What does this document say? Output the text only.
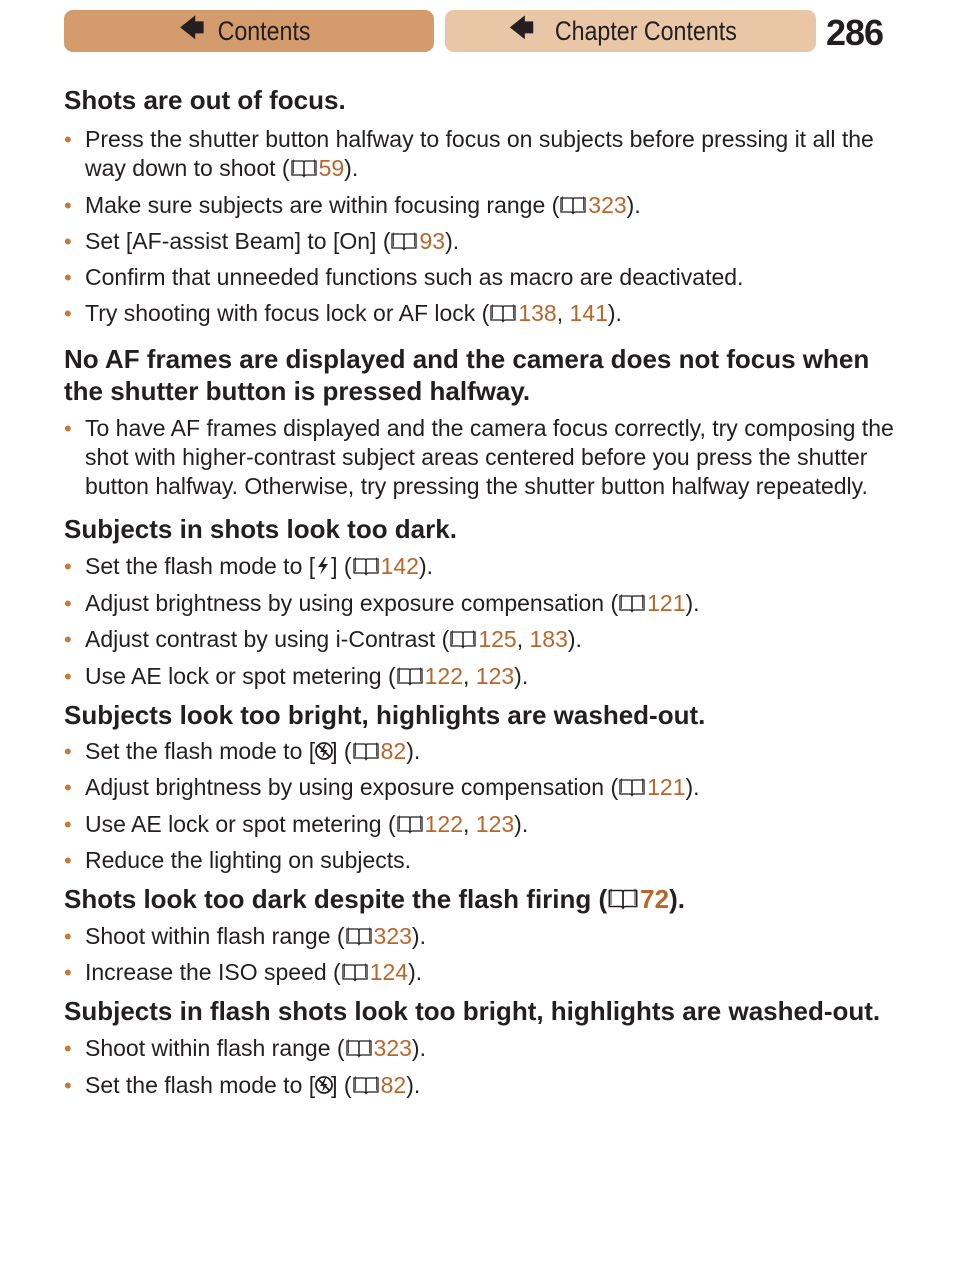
🡄 Contents	🡄 Chapter Contents 286
Shots are out of focus.
• Press the shutter button halfway to focus on subjects before pressing it all the way down to shoot ( 59).
• Make sure subjects are within focusing range ( 323).
• Set [AF-assist Beam] to [On] ( 93).
• Confirm that unneeded functions such as macro are deactivated.
• Try shooting with focus lock or AF lock ( 138, 141).
No AF frames are displayed and the camera does not focus when the shutter button is pressed halfway.
• To have AF frames displayed and the camera focus correctly, try composing the shot with higher-contrast subject areas centered before you press the shutter button halfway. Otherwise, try pressing the shutter button halfway repeatedly.
Subjects in shots look too dark.
• Set the flash mode to [ ] ( 142).
• Adjust brightness by using exposure compensation ( 121).
• Adjust contrast by using i-Contrast ( 125, 183).
• Use AE lock or spot metering ( 122, 123).
Subjects look too bright, highlights are washed-out.
• Set the flash mode to [ ] ( 82).
• Adjust brightness by using exposure compensation ( 121).
• Use AE lock or spot metering ( 122, 123).
• Reduce the lighting on subjects.
Shots look too dark despite the flash firing ( 72).
• Shoot within flash range ( 323).
• Increase the ISO speed ( 124).
Subjects in flash shots look too bright, highlights are washed-out.
• Shoot within flash range ( 323).
• Set the flash mode to [ ] ( 82).
